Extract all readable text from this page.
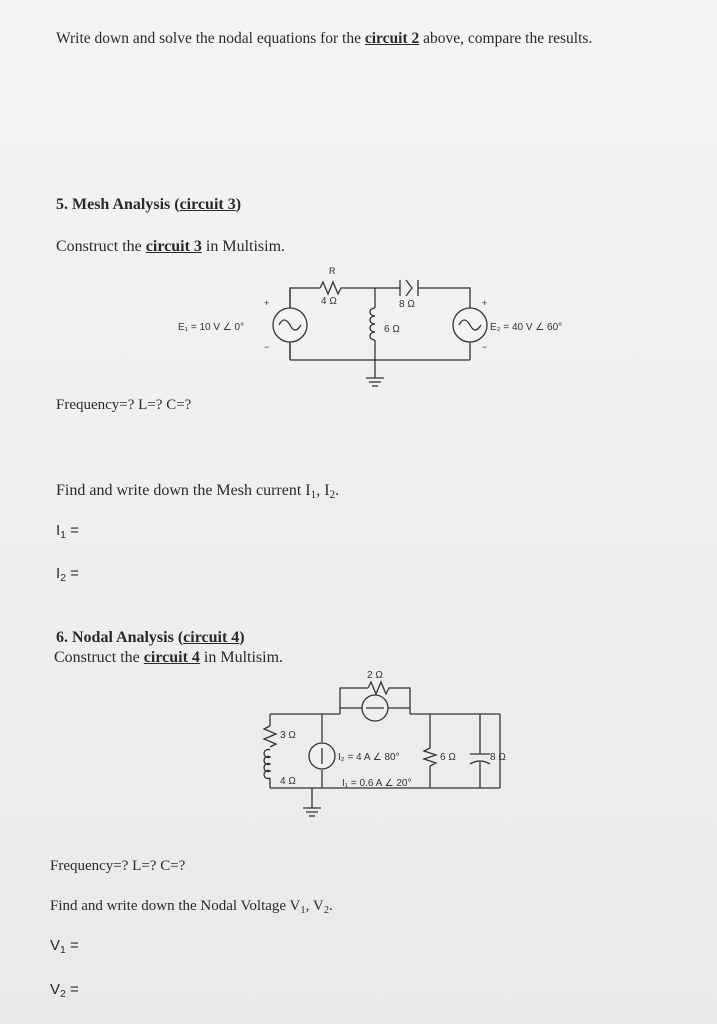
Write down and solve the nodal equations for the circuit 2 above, compare the results.
5. Mesh Analysis (circuit 3)
Construct the circuit 3 in Multisim.
R
4 Ω	8 Ω
6 Ω
E₁ = 10 V ∠ 0°	E₂ = 40 V ∠ 60°
+
−
+
−
Frequency=? L=? C=?
Find and write down the Mesh current $I_1$, $I_2$.
$I_1$ =
$I_2$ =
6. Nodal Analysis (circuit 4)
Construct the circuit 4 in Multisim.
2 Ω
3 Ω
4 Ω
I₂ = 4 A ∠ 80°
I₁ = 0.6 A ∠ 20°
6 Ω	8 Ω
Frequency=? L=? C=?
Find and write down the Nodal Voltage $V_1$, $V_2$.
$V_1$ =
$V_2$ =
